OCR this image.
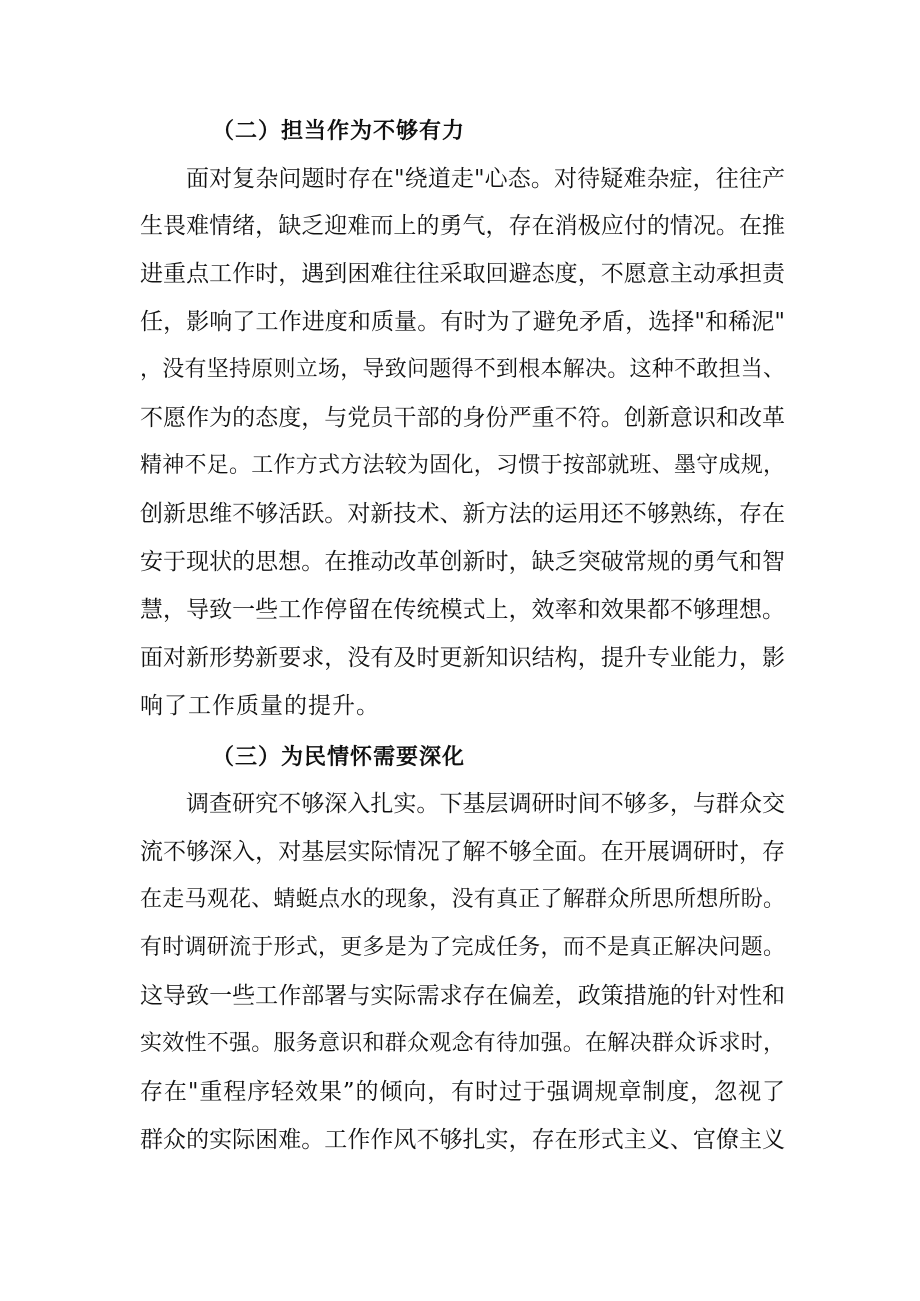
（二）担当作为不够有力
面对复杂问题时存在"绕道走"心态。对待疑难杂症，往往产
生畏难情绪，缺乏迎难而上的勇气，存在消极应付的情况。在推
进重点工作时，遇到困难往往采取回避态度，不愿意主动承担责
任，影响了工作进度和质量。有时为了避免矛盾，选择"和稀泥"
，没有坚持原则立场，导致问题得不到根本解决。这种不敢担当、
不愿作为的态度，与党员干部的身份严重不符。创新意识和改革
精神不足。工作方式方法较为固化，习惯于按部就班、墨守成规，
创新思维不够活跃。对新技术、新方法的运用还不够熟练，存在
安于现状的思想。在推动改革创新时，缺乏突破常规的勇气和智
慧，导致一些工作停留在传统模式上，效率和效果都不够理想。
面对新形势新要求，没有及时更新知识结构，提升专业能力，影
响了工作质量的提升。
（三）为民情怀需要深化
调查研究不够深入扎实。下基层调研时间不够多，与群众交
流不够深入，对基层实际情况了解不够全面。在开展调研时，存
在走马观花、蜻蜓点水的现象，没有真正了解群众所思所想所盼。
有时调研流于形式，更多是为了完成任务，而不是真正解决问题。
这导致一些工作部署与实际需求存在偏差，政策措施的针对性和
实效性不强。服务意识和群众观念有待加强。在解决群众诉求时，
存在"重程序轻效果”的倾向，有时过于强调规章制度，忽视了
群众的实际困难。工作作风不够扎实，存在形式主义、官僚主义
